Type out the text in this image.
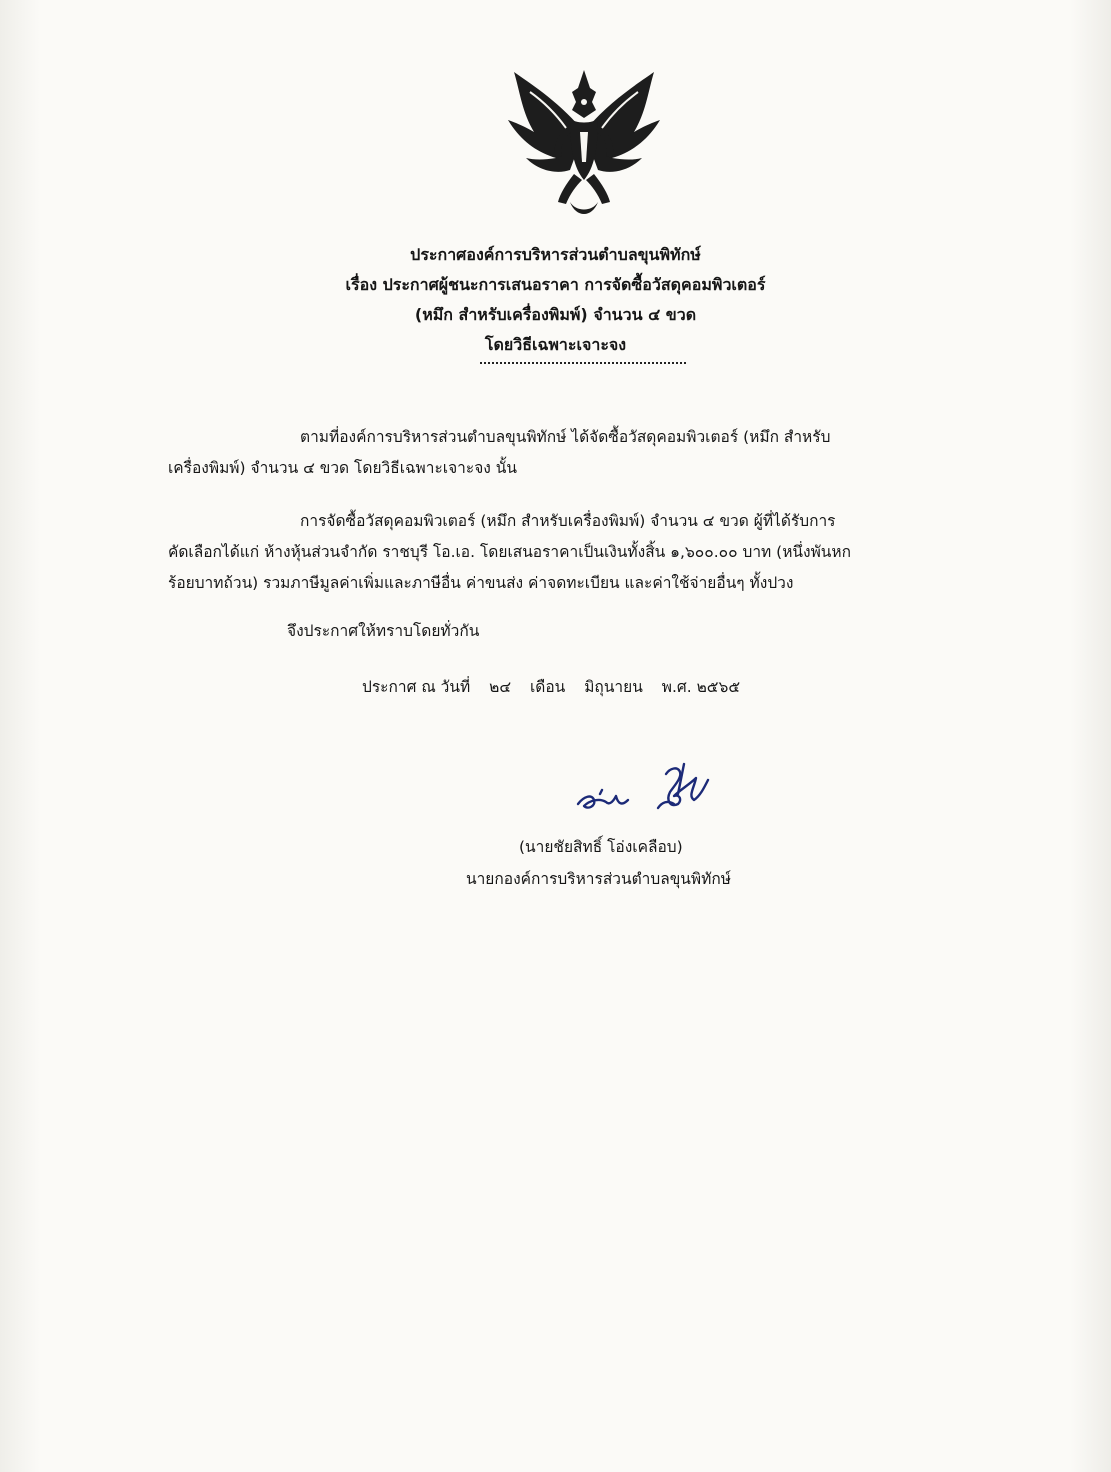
ประกาศองค์การบริหารส่วนตำบลขุนพิทักษ์
เรื่อง ประกาศผู้ชนะการเสนอราคา การจัดซื้อวัสดุคอมพิวเตอร์
(หมึก สำหรับเครื่องพิมพ์) จำนวน ๔ ขวด
โดยวิธีเฉพาะเจาะจง
ตามที่องค์การบริหารส่วนตำบลขุนพิทักษ์ ได้จัดซื้อวัสดุคอมพิวเตอร์ (หมึก สำหรับ
เครื่องพิมพ์) จำนวน ๔ ขวด โดยวิธีเฉพาะเจาะจง นั้น
การจัดซื้อวัสดุคอมพิวเตอร์ (หมึก สำหรับเครื่องพิมพ์) จำนวน ๔ ขวด ผู้ที่ได้รับการ
คัดเลือกได้แก่ ห้างหุ้นส่วนจำกัด ราชบุรี โอ.เอ. โดยเสนอราคาเป็นเงินทั้งสิ้น ๑,๖๐๐.๐๐ บาท (หนึ่งพันหก
ร้อยบาทถ้วน) รวมภาษีมูลค่าเพิ่มและภาษีอื่น ค่าขนส่ง ค่าจดทะเบียน และค่าใช้จ่ายอื่นๆ ทั้งปวง
จึงประกาศให้ทราบโดยทั่วกัน
ประกาศ ณ วันที่ ๒๔ เดือน มิถุนายน พ.ศ. ๒๕๖๕
(นายชัยสิทธิ์ โอ่งเคลือบ)
นายกองค์การบริหารส่วนตำบลขุนพิทักษ์
